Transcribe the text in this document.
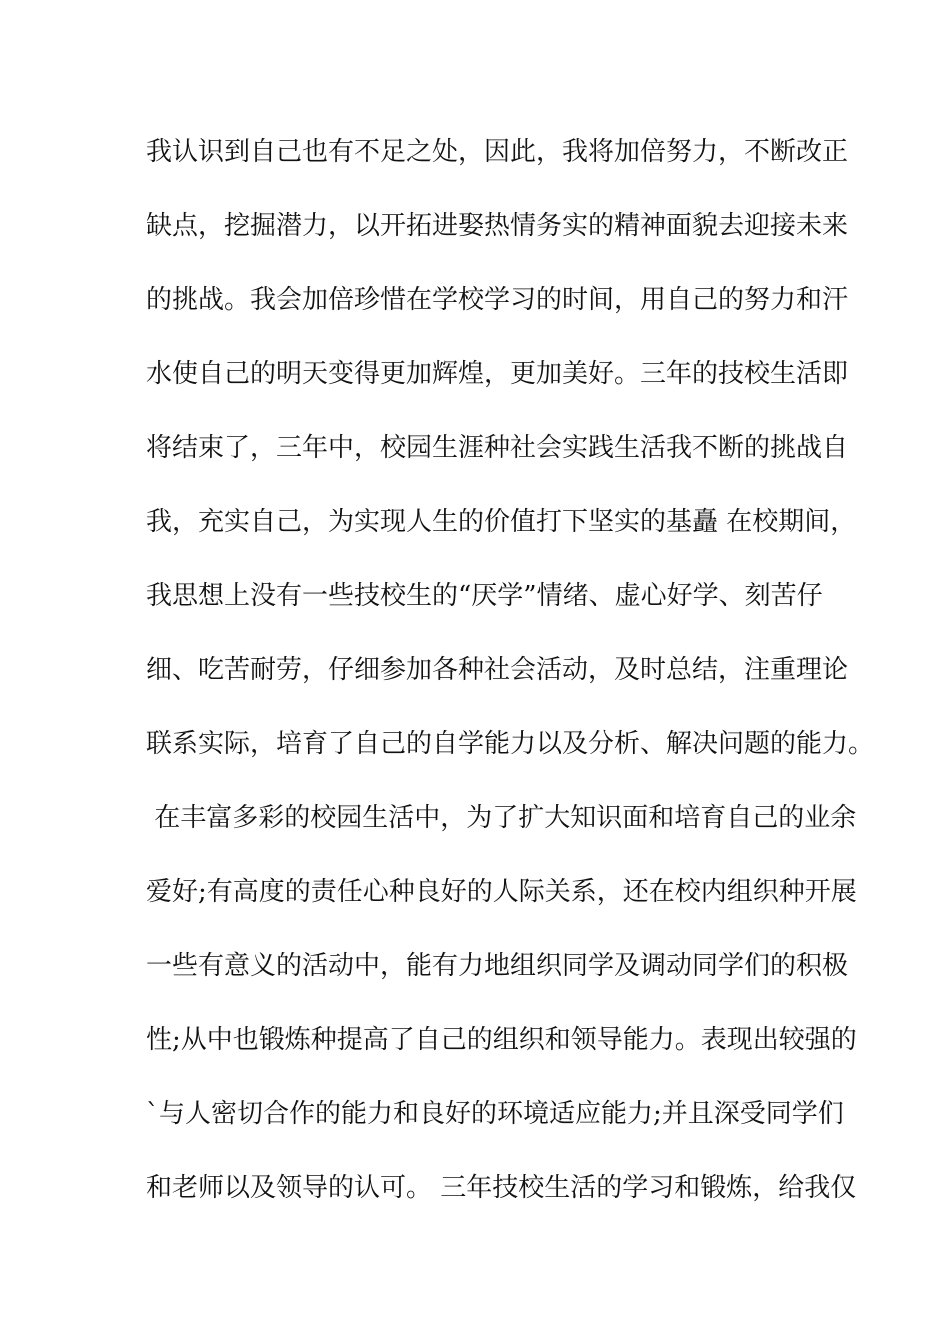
我认识到自己也有不足之处，因此，我将加倍努力，不断改正
缺点，挖掘潜力，以开拓进娶热情务实的精神面貌去迎接未来
的挑战。我会加倍珍惜在学校学习的时间，用自己的努力和汗
水使自己的明天变得更加辉煌，更加美好。三年的技校生活即
将结束了，三年中，校园生涯种社会实践生活我不断的挑战自
我，充实自己，为实现人生的价值打下坚实的基矗 在校期间，
我思想上没有一些技校生的“厌学”情绪、虚心好学、刻苦仔
细、吃苦耐劳，仔细参加各种社会活动，及时总结，注重理论
联系实际，培育了自己的自学能力以及分析、解决问题的能力。
在丰富多彩的校园生活中，为了扩大知识面和培育自己的业余
爱好;有高度的责任心种良好的人际关系，还在校内组织种开展
一些有意义的活动中，能有力地组织同学及调动同学们的积极
性;从中也锻炼种提高了自己的组织和领导能力。表现出较强的
`与人密切合作的能力和良好的环境适应能力;并且深受同学们
和老师以及领导的认可。 三年技校生活的学习和锻炼，给我仅
